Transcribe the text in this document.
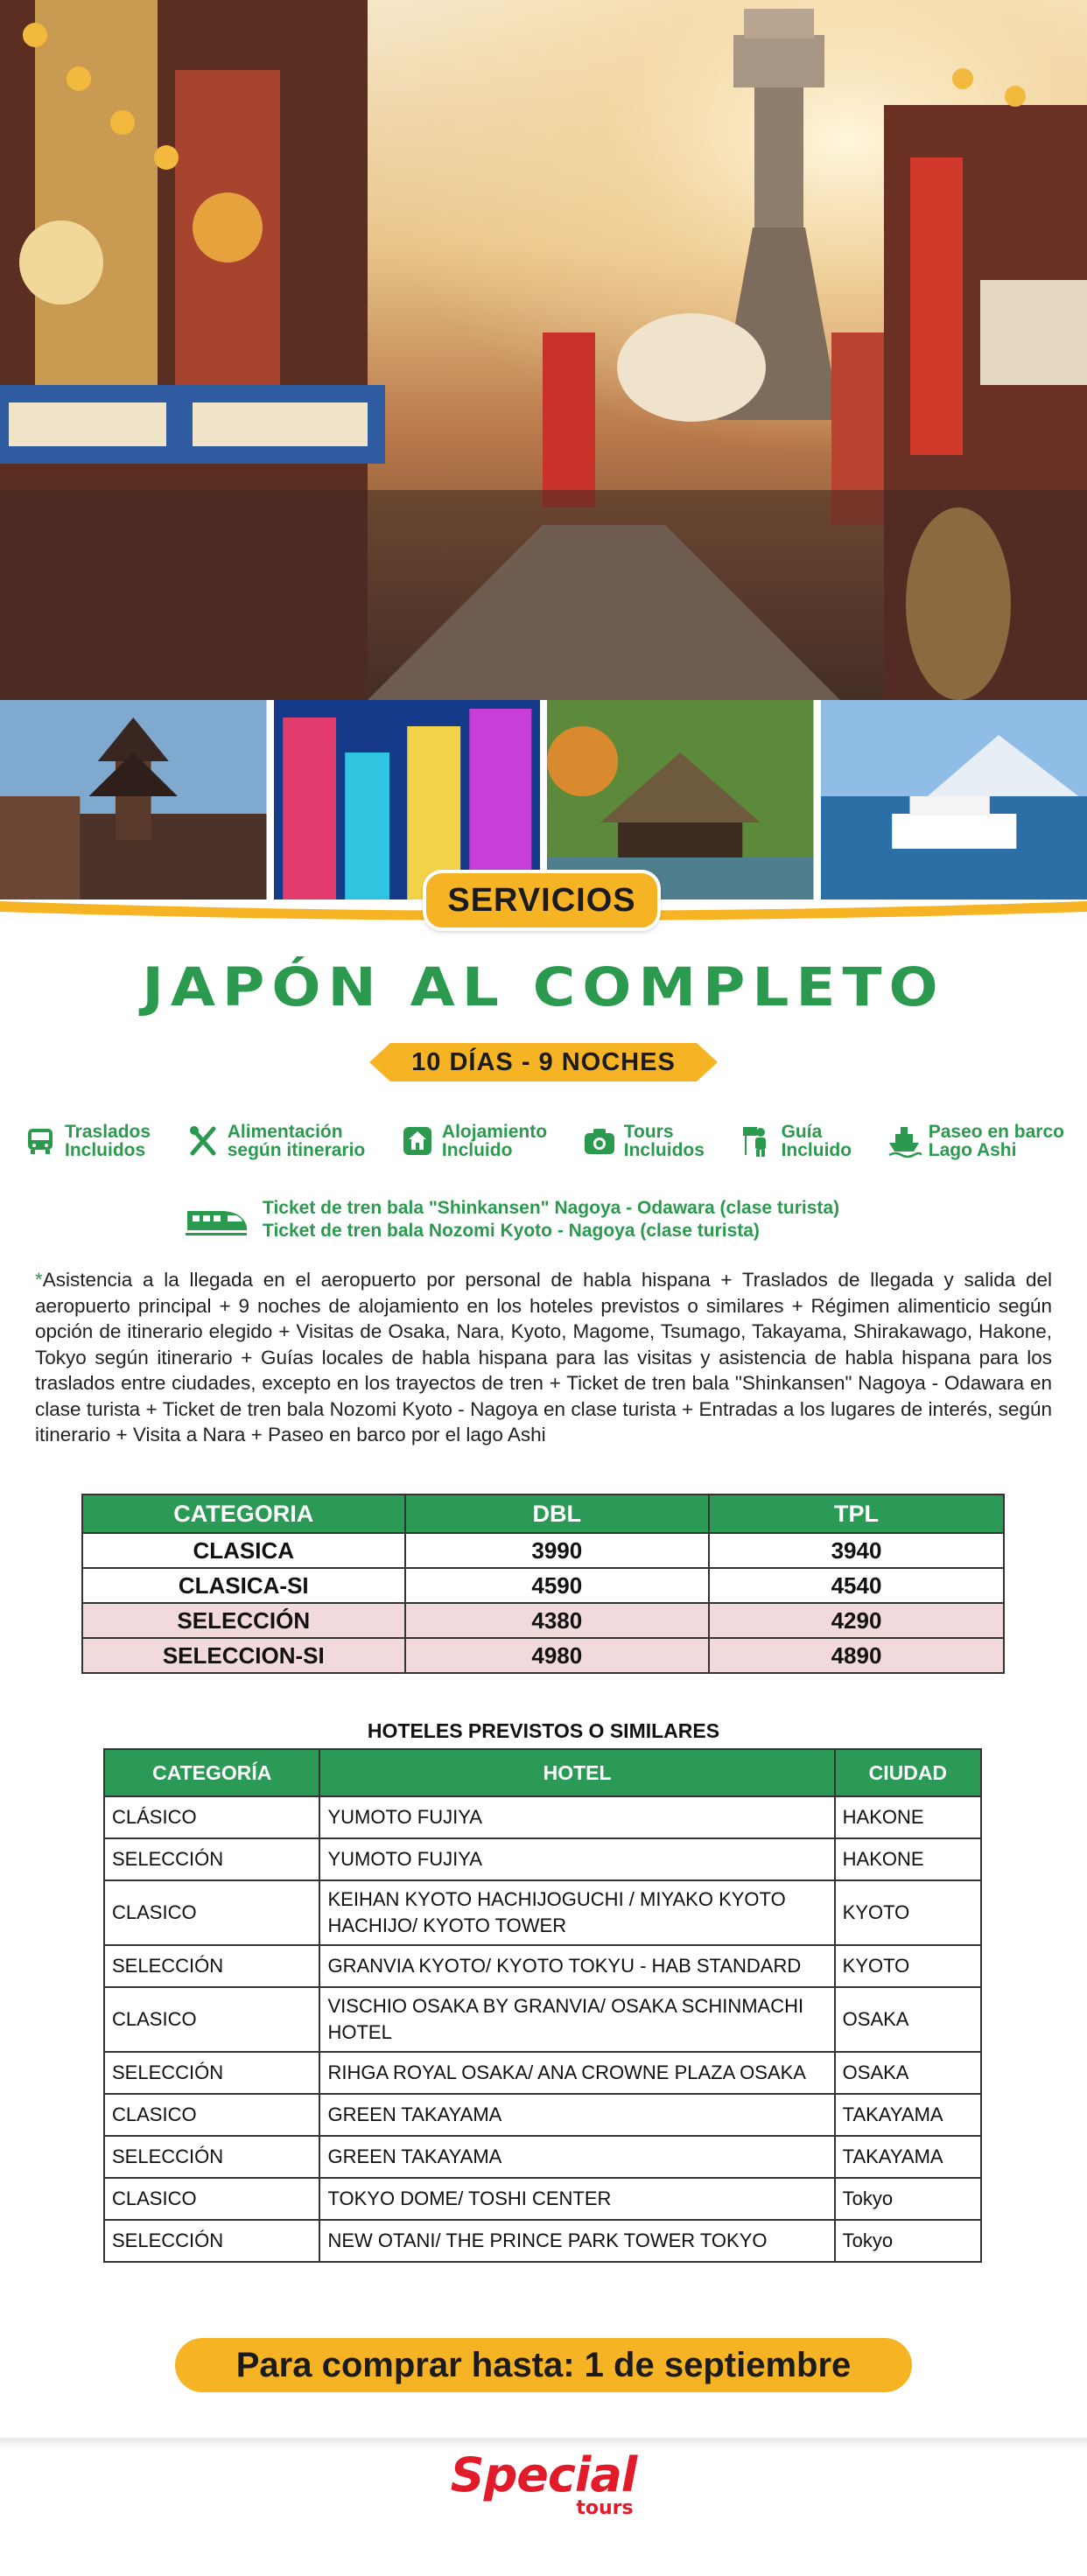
SERVICIOS
JAPÓN AL COMPLETO
10 DÍAS - 9 NOCHES
Traslados
Incluidos
Alimentación
según itinerario
Alojamiento
Incluido
Tours
Incluidos
Guía
Incluido
Paseo en barco
Lago Ashi
Ticket de tren bala "Shinkansen" Nagoya - Odawara (clase turista)
Ticket de tren bala Nozomi Kyoto - Nagoya (clase turista)
*Asistencia a la llegada en el aeropuerto por personal de habla hispana + Traslados de llegada y salida del aeropuerto principal + 9 noches de alojamiento en los hoteles previstos o similares + Régimen alimenticio según opción de itinerario elegido + Visitas de Osaka, Nara, Kyoto, Magome, Tsumago, Takayama, Shirakawago, Hakone, Tokyo según itinerario + Guías locales de habla hispana para las visitas y asistencia de habla hispana para los traslados entre ciudades, excepto en los trayectos de tren + Ticket de tren bala "Shinkansen" Nagoya - Odawara en clase turista + Ticket de tren bala Nozomi Kyoto - Nagoya en clase turista + Entradas a los lugares de interés, según itinerario + Visita a Nara + Paseo en barco por el lago Ashi
CATEGORIA	DBL	TPL
CLASICA	3990	3940
CLASICA-SI	4590	4540
SELECCIÓN	4380	4290
SELECCION-SI	4980	4890
HOTELES PREVISTOS O SIMILARES
CATEGORÍA	HOTEL	CIUDAD
CLÁSICO	YUMOTO FUJIYA	HAKONE
SELECCIÓN	YUMOTO FUJIYA	HAKONE
CLASICO	KEIHAN KYOTO HACHIJOGUCHI / MIYAKO KYOTO HACHIJO/ KYOTO TOWER	KYOTO
SELECCIÓN	GRANVIA KYOTO/ KYOTO TOKYU - HAB STANDARD	KYOTO
CLASICO	VISCHIO OSAKA BY GRANVIA/ OSAKA SCHINMACHI HOTEL	OSAKA
SELECCIÓN	RIHGA ROYAL OSAKA/ ANA CROWNE PLAZA OSAKA	OSAKA
CLASICO	GREEN TAKAYAMA	TAKAYAMA
SELECCIÓN	GREEN TAKAYAMA	TAKAYAMA
CLASICO	TOKYO DOME/ TOSHI CENTER	Tokyo
SELECCIÓN	NEW OTANI/ THE PRINCE PARK TOWER TOKYO	Tokyo
Para comprar hasta: 1 de septiembre
Special
tours
